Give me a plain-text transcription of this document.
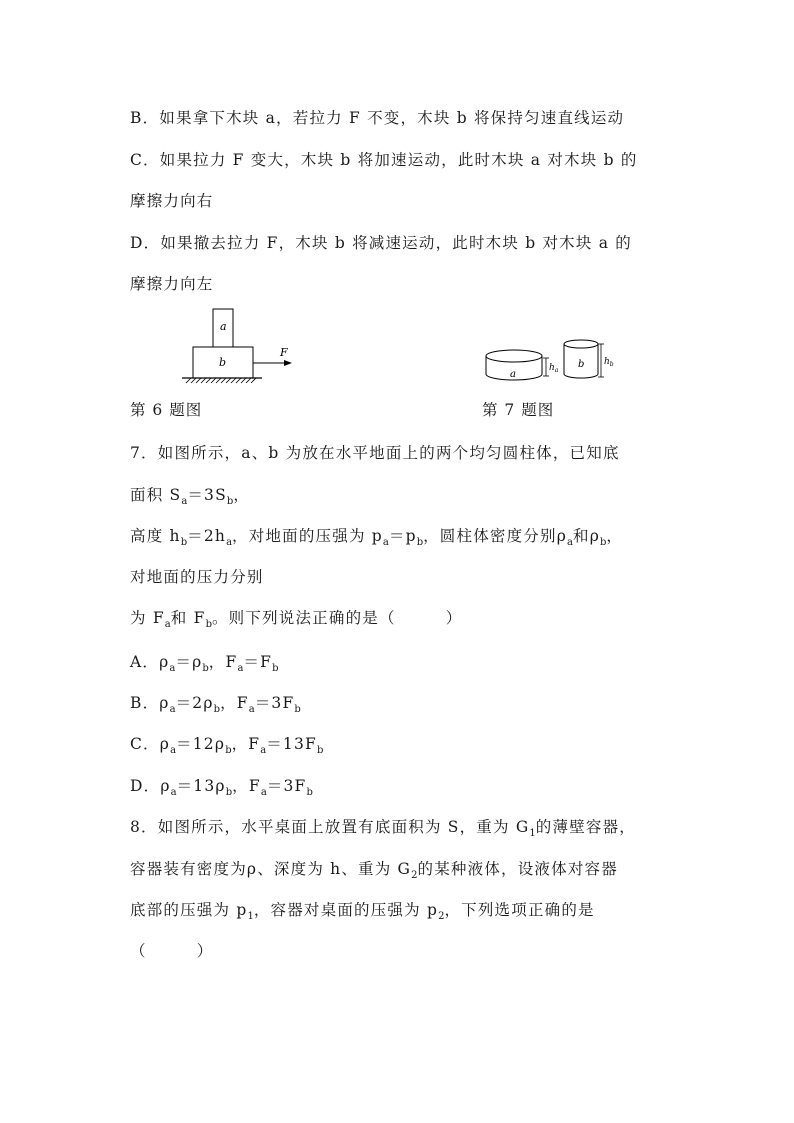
B．如果拿下木块 a，若拉力 F 不变，木块 b 将保持匀速直线运动
C．如果拉力 F 变大，木块 b 将加速运动，此时木块 a 对木块 b 的
摩擦力向右
D．如果撤去拉力 F，木块 b 将减速运动，此时木块 b 对木块 a 的
摩擦力向左
a
b
F
第 6 题图
a
$h_a$
b $h_b$
第 7 题图
7．如图所示，a、b 为放在水平地面上的两个均匀圆柱体，已知底
面积 $S_a=3S_b$，
高度 $h_b=2h_a$，对地面的压强为 $p_a=p_b$，圆柱体密度分别$\rho_a$和$\rho_b$，
对地面的压力分别
为 $F_a$和 $F_b$。则下列说法正确的是（　　　）
A．$\rho_a=\rho_b$，$F_a=F_b$
B．$\rho_a=2\rho_b$，$F_a=3F_b$
C．$\rho_a=12\rho_b$，$F_a=13F_b$
D．$\rho_a=13\rho_b$，$F_a=3F_b$
8．如图所示，水平桌面上放置有底面积为 S，重为 $G_1$的薄壁容器，
容器装有密度为ρ、深度为 h、重为 $G_2$的某种液体，设液体对容器
底部的压强为 $p_1$，容器对桌面的压强为 $p_2$，下列选项正确的是
（　　　）
